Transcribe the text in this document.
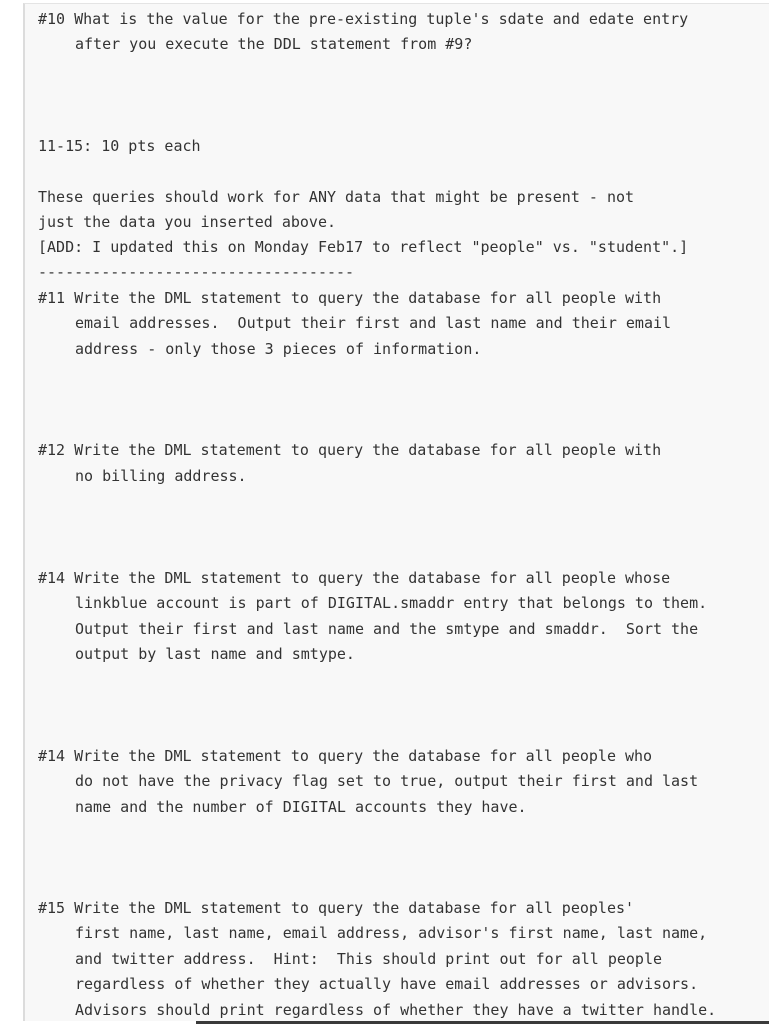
#10 What is the value for the pre-existing tuple's sdate and edate entry
after you execute the DDL statement from #9?
11-15: 10 pts each
These queries should work for ANY data that might be present - not
just the data you inserted above.
[ADD: I updated this on Monday Feb17 to reflect "people" vs. "student".]
-----------------------------------
#11 Write the DML statement to query the database for all people with
email addresses.  Output their first and last name and their email
address - only those 3 pieces of information.
#12 Write the DML statement to query the database for all people with
no billing address.
#14 Write the DML statement to query the database for all people whose
linkblue account is part of DIGITAL.smaddr entry that belongs to them.
Output their first and last name and the smtype and smaddr.  Sort the
output by last name and smtype.
#14 Write the DML statement to query the database for all people who
do not have the privacy flag set to true, output their first and last
name and the number of DIGITAL accounts they have.
#15 Write the DML statement to query the database for all peoples'
first name, last name, email address, advisor's first name, last name,
and twitter address.  Hint:  This should print out for all people
regardless of whether they actually have email addresses or advisors.
Advisors should print regardless of whether they have a twitter handle.
